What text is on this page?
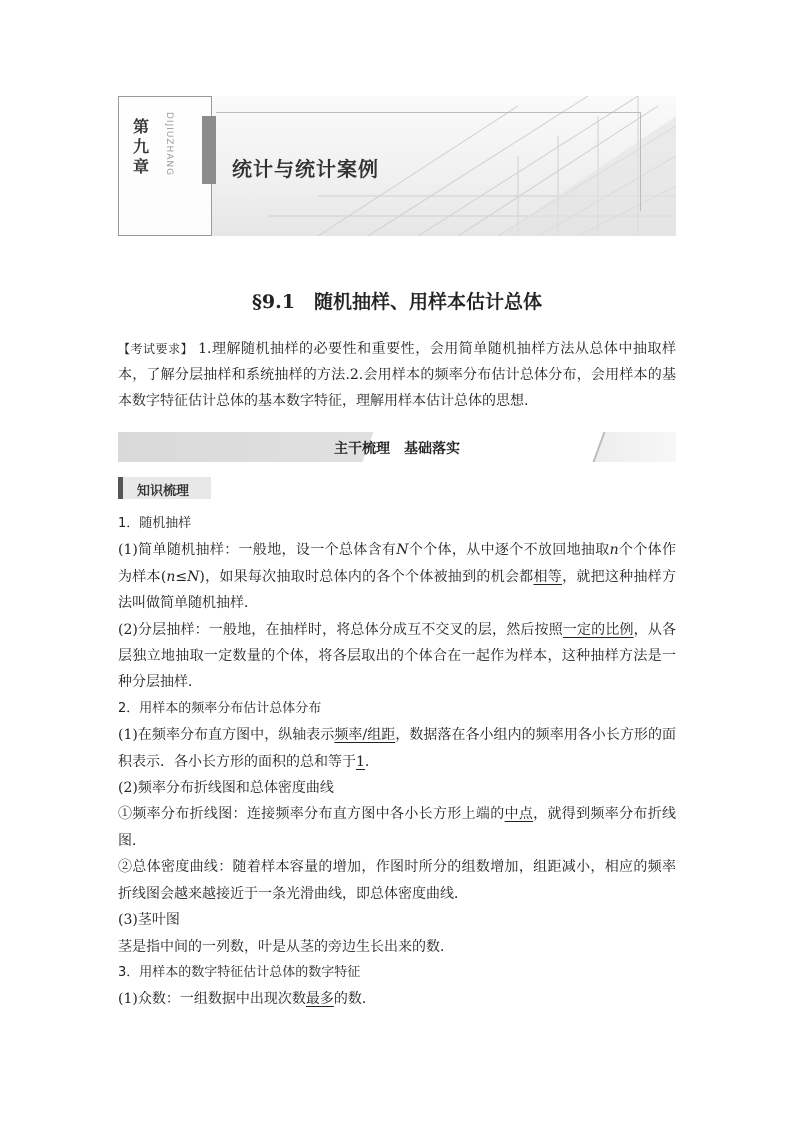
第九章	DIJIUZHANG	统计与统计案例
§9.1　随机抽样、用样本估计总体
【考试要求】 1.理解随机抽样的必要性和重要性，会用简单随机抽样方法从总体中抽取样本，了解分层抽样和系统抽样的方法.2.会用样本的频率分布估计总体分布，会用样本的基本数字特征估计总体的基本数字特征，理解用样本估计总体的思想.
主干梳理　基础落实
知识梳理

1．随机抽样

(1)简单随机抽样：一般地，设一个总体含有N个个体，从中逐个不放回地抽取n个个体作为样本(n≤N)，如果每次抽取时总体内的各个个体被抽到的机会都相等，就把这种抽样方法叫做简单随机抽样．

(2)分层抽样：一般地，在抽样时，将总体分成互不交叉的层，然后按照一定的比例，从各层独立地抽取一定数量的个体，将各层取出的个体合在一起作为样本，这种抽样方法是一种分层抽样．

2．用样本的频率分布估计总体分布

(1)在频率分布直方图中，纵轴表示频率/组距，数据落在各小组内的频率用各小长方形的面积表示．各小长方形的面积的总和等于1.

(2)频率分布折线图和总体密度曲线

①频率分布折线图：连接频率分布直方图中各小长方形上端的中点，就得到频率分布折线图．

②总体密度曲线：随着样本容量的增加，作图时所分的组数增加，组距减小，相应的频率折线图会越来越接近于一条光滑曲线，即总体密度曲线．

(3)茎叶图

茎是指中间的一列数，叶是从茎的旁边生长出来的数．

3．用样本的数字特征估计总体的数字特征

(1)众数：一组数据中出现次数最多的数．
